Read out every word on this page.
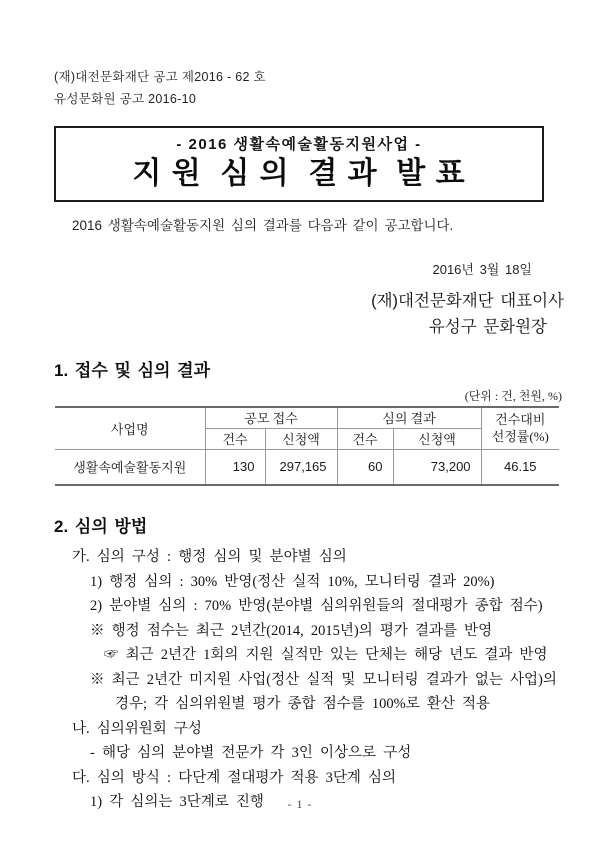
(재)대전문화재단 공고 제2016 - 62 호
유성문화원 공고 2016-10
- 2016 생활속예술활동지원사업 -
지 원  심 의  결 과  발 표
2016 생활속예술활동지원 심의 결과를 다음과 같이 공고합니다.
2016년 3월 18일
(재)대전문화재단 대표이사
유성구 문화원장
1. 접수 및 심의 결과
(단위 : 건, 천원, %)
사업명	공모 접수		심의 결과		건수대비
선정률(%)

	건수	신청액	건수	신청액	
생활속예술활동지원	130	297,165	60	73,200	46.15
2. 심의 방법
가. 심의 구성 : 행정 심의 및 분야별 심의
1) 행정 심의 : 30% 반영(정산 실적 10%, 모니터링 결과 20%)
2) 분야별 심의 : 70% 반영(분야별 심의위원들의 절대평가 종합 점수)
※ 행정 점수는 최근 2년간(2014, 2015년)의 평가 결과를 반영
☞ 최근 2년간 1회의 지원 실적만 있는 단체는 해당 년도 결과 반영
※ 최근 2년간 미지원 사업(정산 실적 및 모니터링 결과가 없는 사업)의
경우; 각 심의위원별 평가 종합 점수를 100%로 환산 적용
나. 심의위원회 구성
- 해당 심의 분야별 전문가 각 3인 이상으로 구성
다. 심의 방식 : 다단계 절대평가 적용 3단계 심의
1) 각 심의는 3단계로 진행	- 1 -
